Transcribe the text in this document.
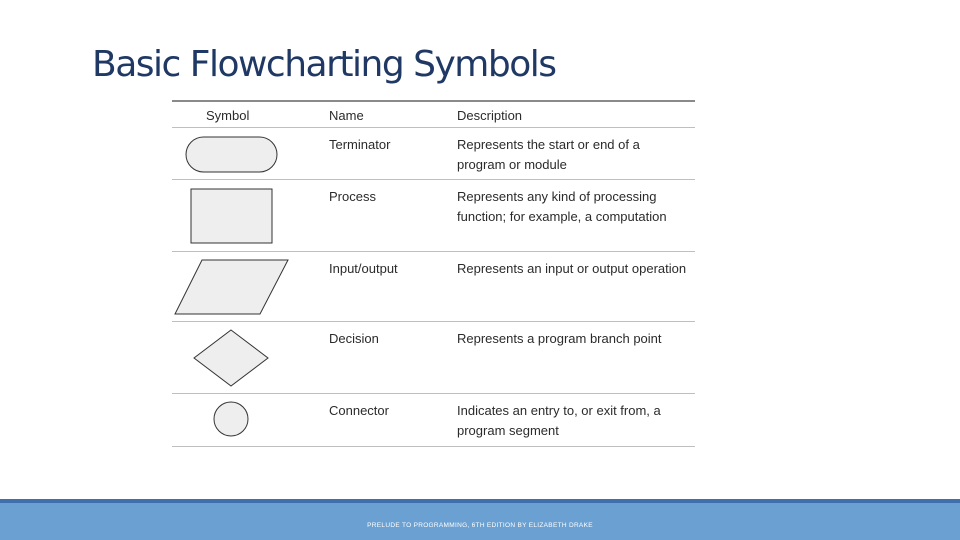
Basic Flowcharting Symbols
Symbol	Name	Description
Terminator	Represents the start or end of a program or module
Process	Represents any kind of processing function; for example, a computation
Input/output	Represents an input or output operation
Decision	Represents a program branch point
Connector	Indicates an entry to, or exit from, a program segment
PRELUDE TO PROGRAMMING, 6TH EDITION BY ELIZABETH DRAKE
